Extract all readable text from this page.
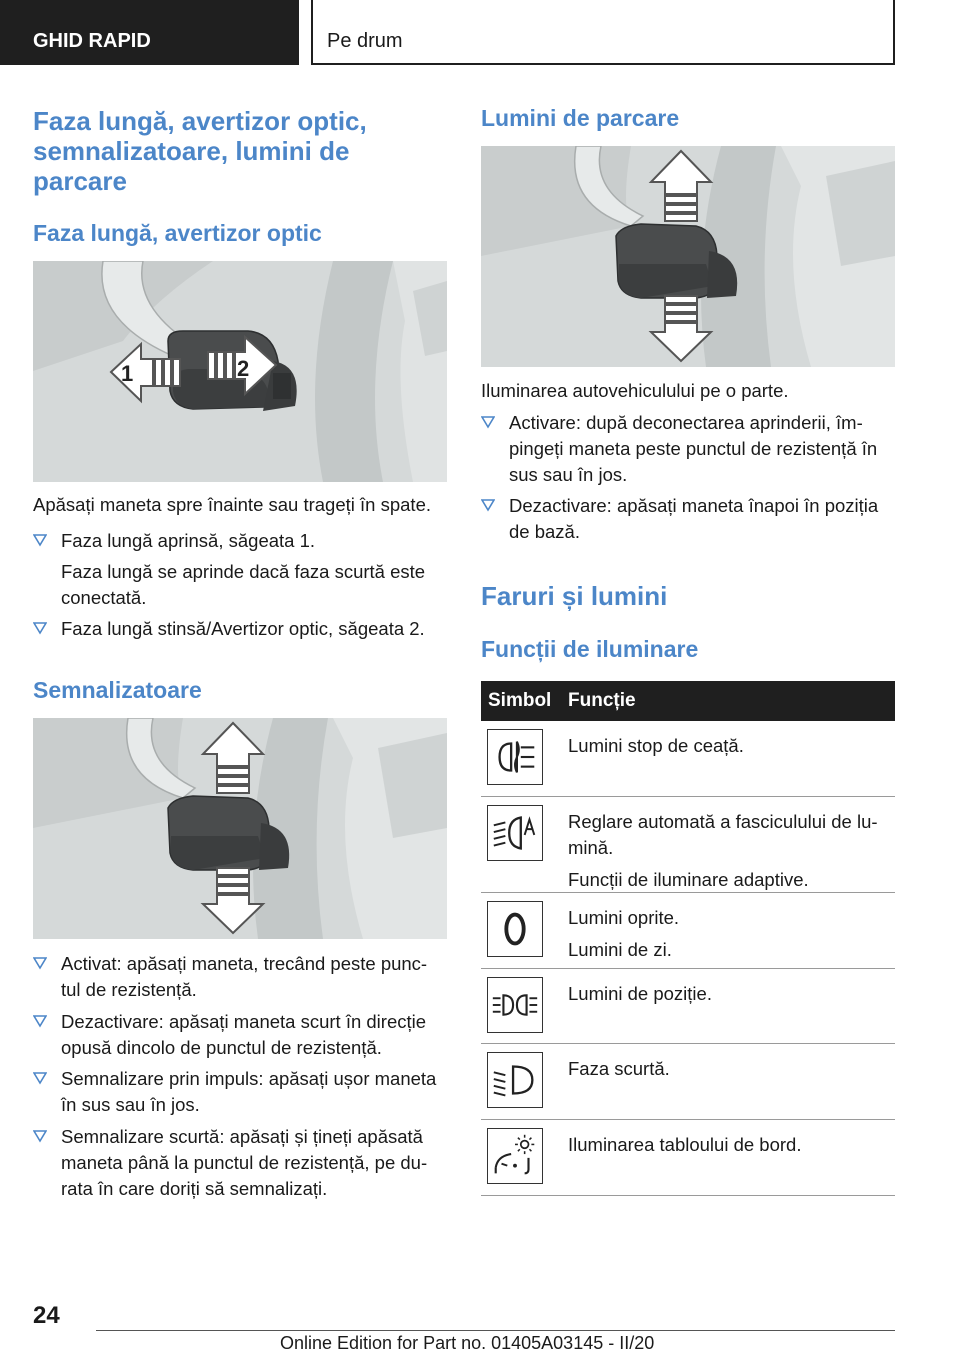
GHID RAPID	Pe drum
Faza lungă, avertizor optic,
semnalizatoare, lumini de
parcare
Faza lungă, avertizor optic
1	2
Apăsați maneta spre înainte sau trageți în spate.
Faza lungă aprinsă, săgeata 1.
Faza lungă se aprinde dacă faza scurtă este
conectată.
Faza lungă stinsă/Avertizor optic, săgeata 2.
Semnalizatoare
Activat: apăsați maneta, trecând peste punc-
tul de rezistență.
Dezactivare: apăsați maneta scurt în direcție
opusă dincolo de punctul de rezistență.
Semnalizare prin impuls: apăsați ușor maneta
în sus sau în jos.
Semnalizare scurtă: apăsați și țineți apăsată
maneta până la punctul de rezistență, pe du-
rata în care doriți să semnalizați.
Lumini de parcare
Iluminarea autovehiculului pe o parte.
Activare: după deconectarea aprinderii, îm-
pingeți maneta peste punctul de rezistență în
sus sau în jos.
Dezactivare: apăsați maneta înapoi în poziția
de bază.
Faruri și lumini
Funcții de iluminare
Simbol Funcție

Lumini stop de ceață.

Reglare automată a fasciculului de lu-
mină.

Funcții de iluminare adaptive.

Lumini oprite.

Lumini de zi.

Lumini de poziție.

Faza scurtă.

Iluminarea tabloului de bord.

24
Online Edition for Part no. 01405A03145 - II/20
